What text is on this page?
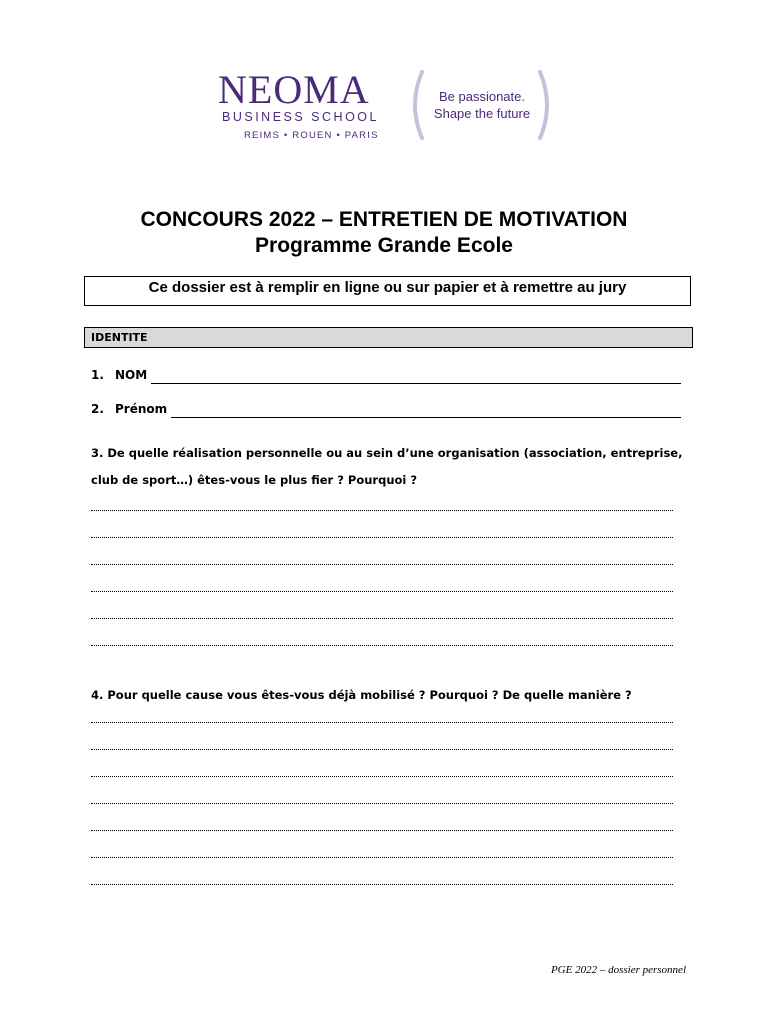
NEOMA
BUSINESS SCHOOL
REIMS • ROUEN • PARIS
Be passionate.
Shape the future
CONCOURS 2022 – ENTRETIEN DE MOTIVATION
Programme Grande Ecole
Ce dossier est à remplir en ligne ou sur papier et à remettre au jury
IDENTITE
1. NOM
2. Prénom
3. De quelle réalisation personnelle ou au sein d’une organisation (association, entreprise,
club de sport…) êtes-vous le plus fier ? Pourquoi ?
4. Pour quelle cause vous êtes-vous déjà mobilisé ? Pourquoi ? De quelle manière ?
PGE 2022 – dossier personnel
